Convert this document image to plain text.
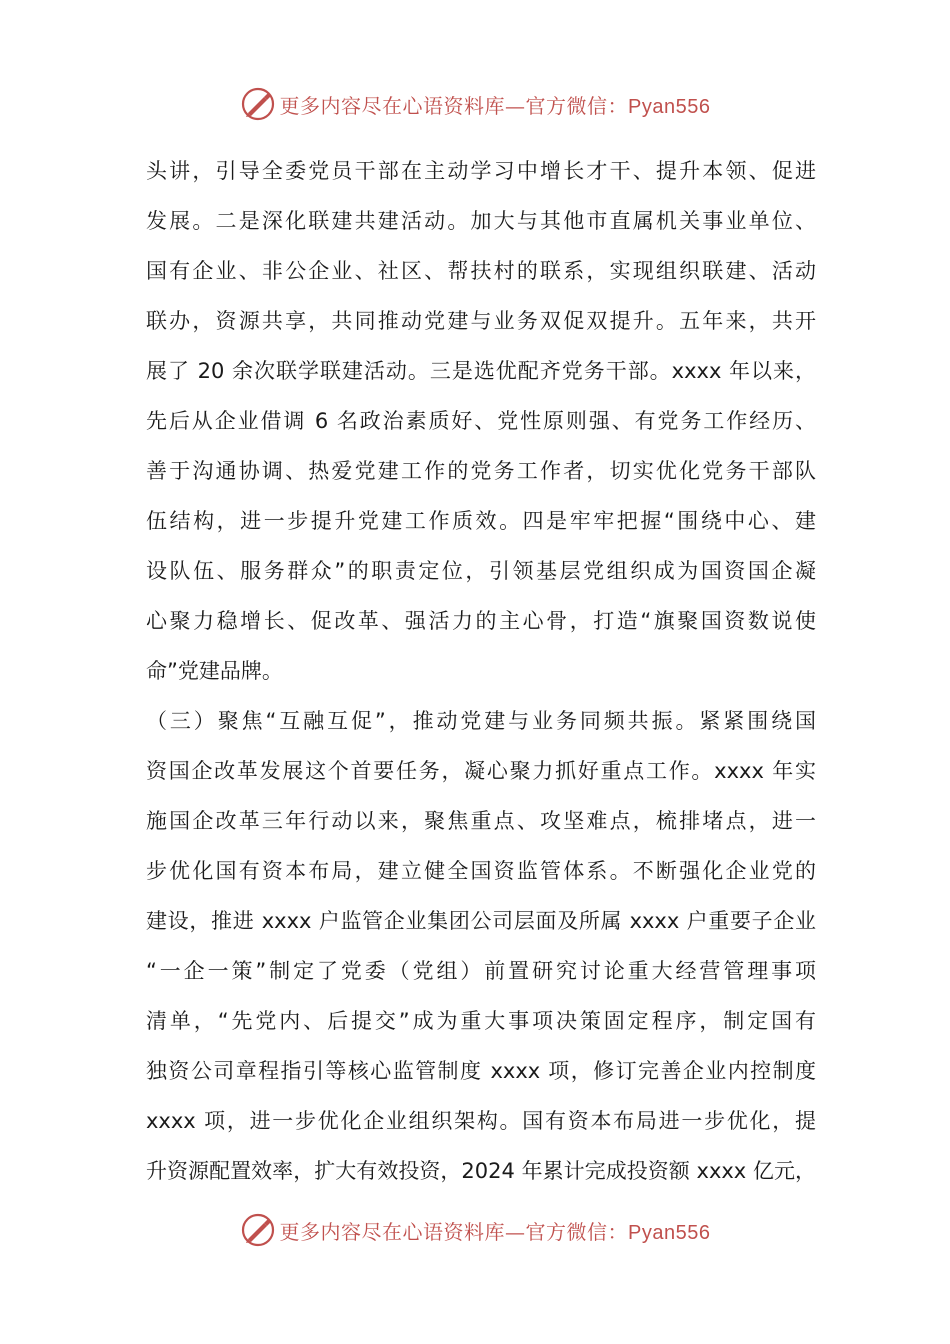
更多内容尽在心语资料库—官方微信：Pyan556
头讲，引导全委党员干部在主动学习中增长才干、提升本领、促进
发展。二是深化联建共建活动。加大与其他市直属机关事业单位、
国有企业、非公企业、社区、帮扶村的联系，实现组织联建、活动
联办，资源共享，共同推动党建与业务双促双提升。五年来，共开
展了 20 余次联学联建活动。三是选优配齐党务干部。xxxx 年以来，
先后从企业借调 6 名政治素质好、党性原则强、有党务工作经历、
善于沟通协调、热爱党建工作的党务工作者，切实优化党务干部队
伍结构，进一步提升党建工作质效。四是牢牢把握“围绕中心、建
设队伍、服务群众”的职责定位，引领基层党组织成为国资国企凝
心聚力稳增长、促改革、强活力的主心骨，打造“旗聚国资数说使
命”党建品牌。
（三）聚焦“互融互促”，推动党建与业务同频共振。紧紧围绕国
资国企改革发展这个首要任务，凝心聚力抓好重点工作。xxxx 年实
施国企改革三年行动以来，聚焦重点、攻坚难点，梳排堵点，进一
步优化国有资本布局，建立健全国资监管体系。不断强化企业党的
建设，推进 xxxx 户监管企业集团公司层面及所属 xxxx 户重要子企业
“一企一策”制定了党委（党组）前置研究讨论重大经营管理事项
清单，“先党内、后提交”成为重大事项决策固定程序，制定国有
独资公司章程指引等核心监管制度 xxxx 项，修订完善企业内控制度
xxxx 项，进一步优化企业组织架构。国有资本布局进一步优化，提
升资源配置效率，扩大有效投资，2024 年累计完成投资额 xxxx 亿元，
更多内容尽在心语资料库—官方微信：Pyan556
